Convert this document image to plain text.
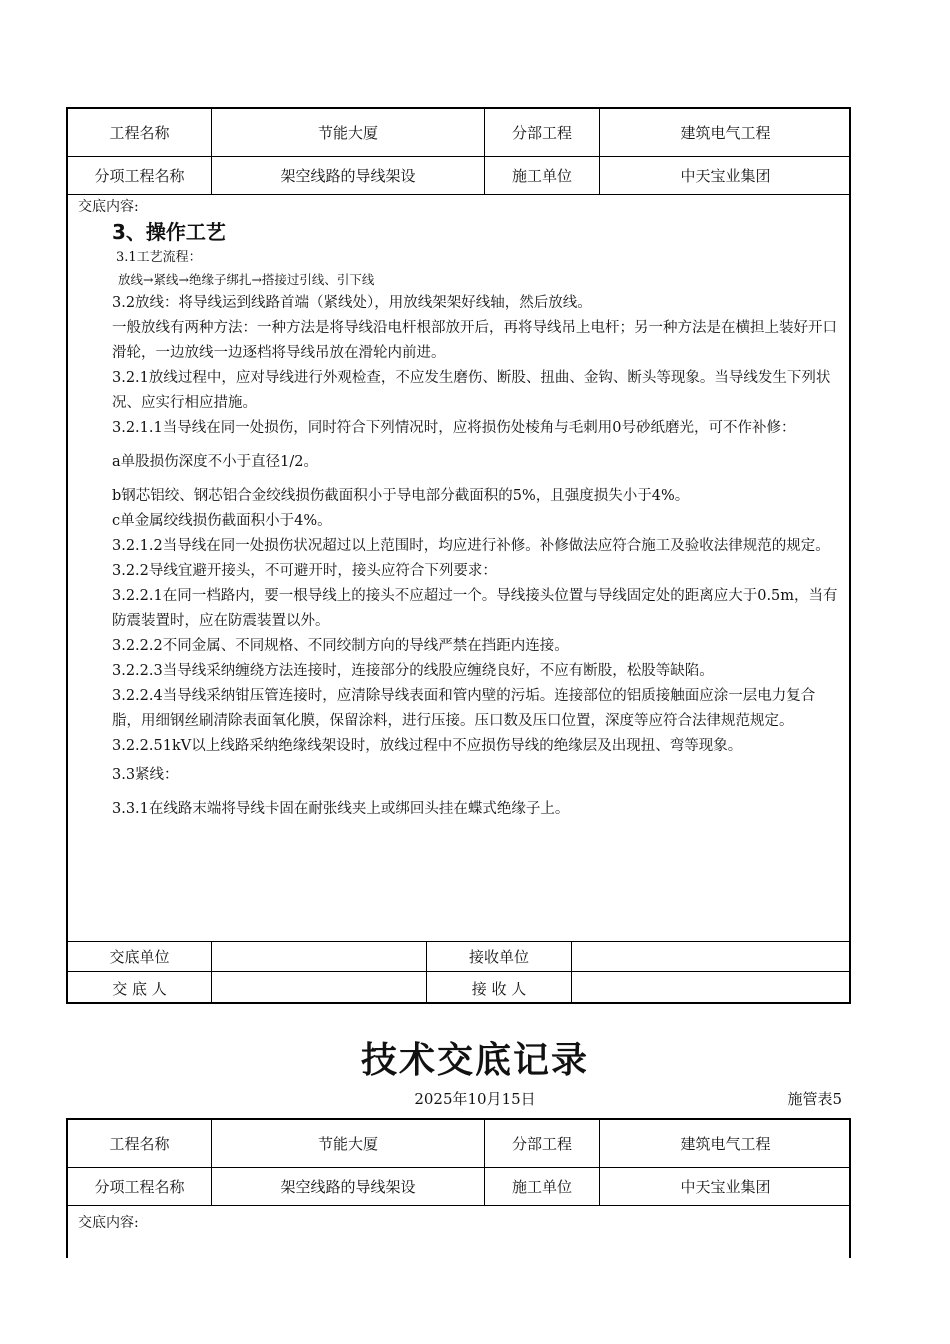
工程名称	节能大厦	分部工程	建筑电气工程
分项工程名称	架空线路的导线架设	施工单位	中天宝业集团
交底内容:
3、操作工艺
3.1工艺流程：
放线→紧线→绝缘子绑扎→搭接过引线、引下线
3.2放线：将导线运到线路首端（紧线处），用放线架架好线轴，然后放线。
一般放线有两种方法：一种方法是将导线沿电杆根部放开后，再将导线吊上电杆；另一种方法是在横担上装好开口滑轮，一边放线一边逐档将导线吊放在滑轮内前进。
3.2.1放线过程中，应对导线进行外观检查，不应发生磨伤、断股、扭曲、金钩、断头等现象。当导线发生下列状况、应实行相应措施。
3.2.1.1当导线在同一处损伤，同时符合下列情况时，应将损伤处棱角与毛刺用0号砂纸磨光，可不作补修：
a单股损伤深度不小于直径1/2。
b钢芯铝绞、钢芯铝合金绞线损伤截面积小于导电部分截面积的5%，且强度损失小于4%。
c单金属绞线损伤截面积小于4%。
3.2.1.2当导线在同一处损伤状况超过以上范围时，均应进行补修。补修做法应符合施工及验收法律规范的规定。
3.2.2导线宜避开接头，不可避开时，接头应符合下列要求：
3.2.2.1在同一档路内，要一根导线上的接头不应超过一个。导线接头位置与导线固定处的距离应大于0.5m，当有防震装置时，应在防震装置以外。
3.2.2.2不同金属、不同规格、不同绞制方向的导线严禁在挡距内连接。
3.2.2.3当导线采纳缠绕方法连接时，连接部分的线股应缠绕良好，不应有断股，松股等缺陷。
3.2.2.4当导线采纳钳压管连接时，应清除导线表面和管内壁的污垢。连接部位的铝质接触面应涂一层电力复合脂，用细钢丝刷清除表面氧化膜，保留涂料，进行压接。压口数及压口位置，深度等应符合法律规范规定。
3.2.2.51kV以上线路采纳绝缘线架设时，放线过程中不应损伤导线的绝缘层及出现扭、弯等现象。
3.3紧线：
3.3.1在线路末端将导线卡固在耐张线夹上或绑回头挂在蝶式绝缘子上。
交底单位	接收单位
交 底 人	接 收 人
技术交底记录
2025年10月15日	施管表5
工程名称	节能大厦	分部工程	建筑电气工程
分项工程名称	架空线路的导线架设	施工单位	中天宝业集团
交底内容:
